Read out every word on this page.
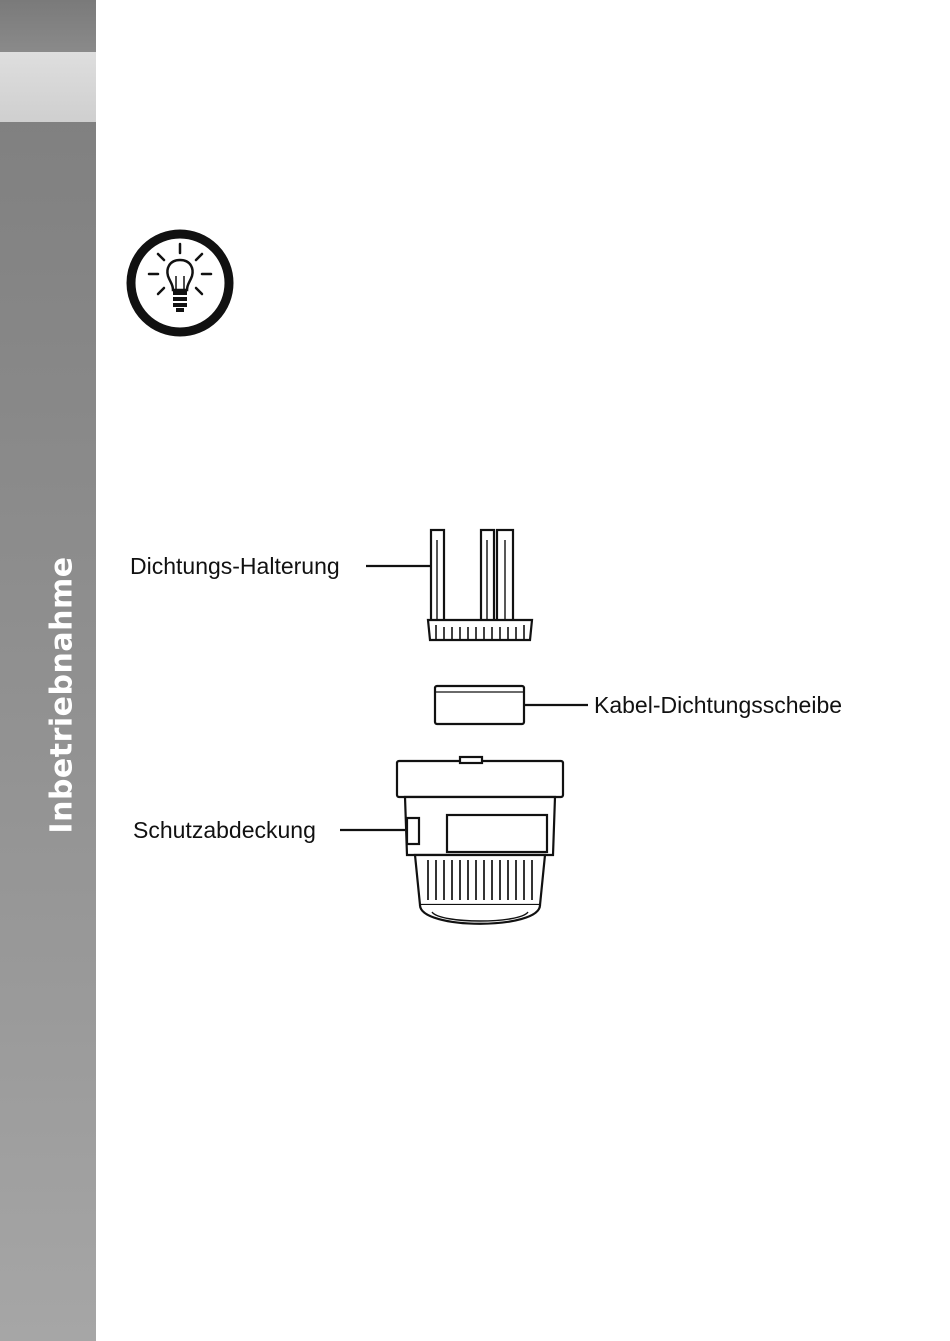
Inbetriebnahme Dichtungs-Halterung
Kabel-Dichtungsscheibe
Schutzabdeckung
